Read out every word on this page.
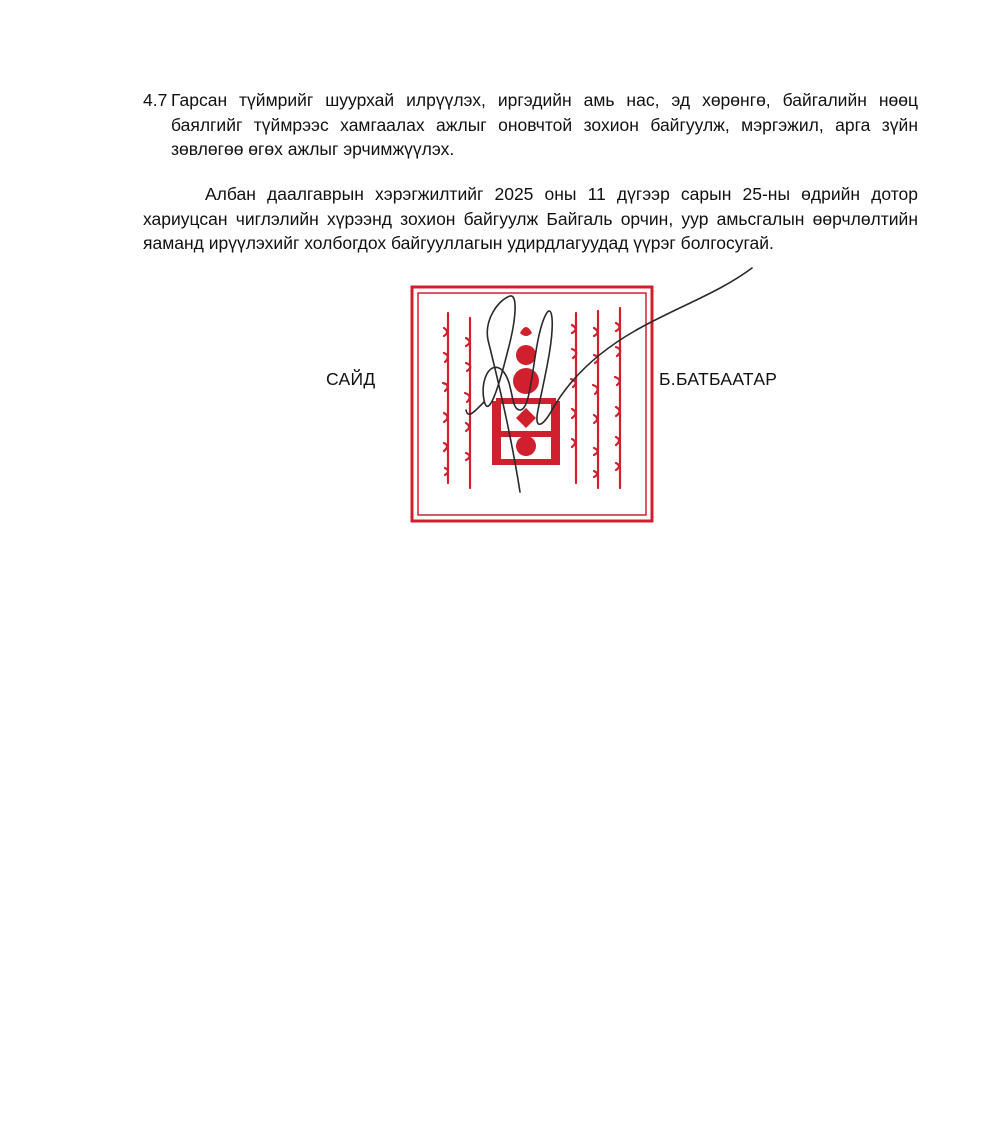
4.7 Гарсан түймрийг шуурхай илрүүлэх, иргэдийн амь нас, эд хөрөнгө, байгалийн нөөц баялгийг түймрээс хамгаалах ажлыг оновчтой зохион байгуулж, мэргэжил, арга зүйн зөвлөгөө өгөх ажлыг эрчимжүүлэх.
Албан даалгаврын хэрэгжилтийг 2025 оны 11 дүгээр сарын 25-ны өдрийн дотор хариуцсан чиглэлийн хүрээнд зохион байгуулж Байгаль орчин, уур амьсгалын өөрчлөлтийн яаманд ирүүлэхийг холбогдох байгууллагын удирдлагуудад үүрэг болгосугай.
САЙД	Б.БАТБААТАР
